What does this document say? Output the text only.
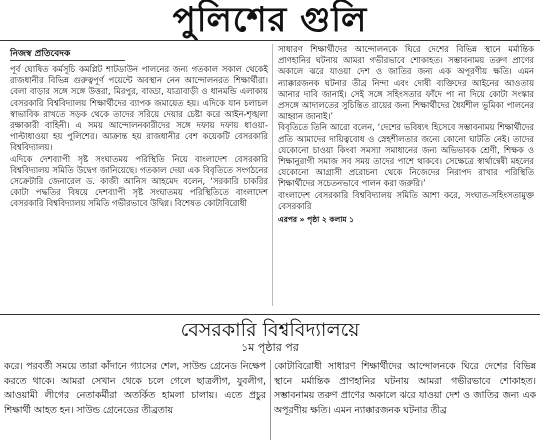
পুলিশের গুলি
নিজস্ব প্রতিবেদক

পূর্ব ঘোষিত কর্মসূচি কমপ্লিট শাটডাউন পালনের জন্য গতকাল সকাল থেকেই রাজধানীর বিভিন্ন গুরুত্বপূর্ণ পয়েন্টে অবস্থান নেন আন্দোলনরত শিক্ষার্থীরা। বেলা বাড়ার সঙ্গে সঙ্গে উত্তরা, মিরপুর, বাড্ডা, যাত্রাবাড়ী ও ধানমন্ডি এলাকায় বেসরকারি বিশ্ববিদ্যালয় শিক্ষার্থীদের ব্যাপক জমায়েত হয়। এদিকে যান চলাচল স্বাভাবিক রাখতে সড়ক থেকে তাদের সরিয়ে দেয়ার চেষ্টা করে আইন-শৃঙ্খলা রক্ষাকারী বাহিনী। এ সময় আন্দোলনকারীদের সঙ্গে দফায় দফায় ধাওয়া-পাল্টাধাওয়া হয় পুলিশের। আক্রান্ত হয় রাজধানীর বেশ কয়েকটি বেসরকারি বিশ্ববিদ্যালয়।

এদিকে দেশব্যাপী সৃষ্ট সংঘাতময় পরিস্থিতি নিয়ে বাংলাদেশ বেসরকারি বিশ্ববিদ্যালয় সমিতি উদ্বেগ জানিয়েছে। গতকাল দেয়া এক বিবৃতিতে সংগঠনের সেক্রেটারি জেনারেল ড. কাজী আনিস আহমেদ বলেন, ‘সরকারি চাকরির কোটা পদ্ধতির বিষয়ে দেশব্যাপী সৃষ্ট সংঘাতময় পরিস্থিতিতে বাংলাদেশ বেসরকারি বিশ্ববিদ্যালয় সমিতি গভীরভাবে উদ্বিগ্ন। বিশেষত কোটাবিরোধী

সাধারণ শিক্ষার্থীদের আন্দোলনকে ঘিরে দেশের বিভিন্ন স্থানে মর্মান্তিক প্রাণহানির ঘটনায় আমরা গভীরভাবে শোকাহত। সম্ভাবনাময় তরুণ প্রাণের অকালে ঝরে যাওয়া দেশ ও জাতির জন্য এক অপূরণীয় ক্ষতি। এমন ন্যাক্কারজনক ঘটনার তীব্র নিন্দা এবং দোষী ব্যক্তিদের আইনের আওতায় আনার দাবি জানাই। সেই সঙ্গে সহিংসতার ফাঁদে পা না দিয়ে কোটা সংস্কার প্রসঙ্গে আদালতের সুচিন্তিত রায়ের জন্য শিক্ষার্থীদের ধৈর্যশীল ভূমিকা পালনের আহ্বান জানাই।’

বিবৃতিতে তিনি আরো বলেন, ‘দেশের ভবিষ্যৎ হিসেবে সম্ভাবনাময় শিক্ষার্থীদের প্রতি আমাদের দায়িত্ববোধ ও স্নেহশীলতার জন্যে কোনো ঘাটতি নেই। তাদের যেকোনো চাওয়া কিংবা সমস্যা সমাধানের জন্য অভিভাবক শ্রেণী, শিক্ষক ও শিক্ষানুরাগী সমাজ সব সময় তাদের পাশে থাকবে। সেক্ষেত্রে স্বার্থান্বেষী মহলের যেকোনো আগ্রাসী প্ররোচনা থেকে নিজেদের নিরাপদ রাখার পরিস্থিতি শিক্ষার্থীদের সচেতনভাবে পালন করা জরুরি।’

বাংলাদেশ বেসরকারি বিশ্ববিদ্যালয় সমিতি আশা করে, সংঘাত-সহিংসতামুক্ত বেসরকারি

এরপর » পৃষ্ঠা ২ কলাম ১
বেসরকারি বিশ্ববিদ্যালয়ে
১ম পৃষ্ঠার পর

করে। পরবর্তী সময়ে তারা কাঁদানে গ্যাসের শেল, সাউন্ড গ্রেনেড নিক্ষেপ করতে থাকে। আমরা সেখান থেকে চলে গেলে ছাত্রলীগ, যুবলীগ, আওয়ামী লীগের নেতাকর্মীরা অতর্কিত হামলা চালায়। এতে প্রচুর শিক্ষার্থী আহত হন। সাউন্ড গ্রেনেডের তীব্রতায়

কোটাবিরোধী সাধারণ শিক্ষার্থীদের আন্দোলনকে ঘিরে দেশের বিভিন্ন স্থানে মর্মান্তিক প্রাণহানির ঘটনায় আমরা গভীরভাবে শোকাহত। সম্ভাবনাময় তরুণ প্রাণের অকালে ঝরে যাওয়া দেশ ও জাতির জন্য এক অপূরণীয় ক্ষতি। এমন ন্যাক্কারজনক ঘটনার তীব্র
